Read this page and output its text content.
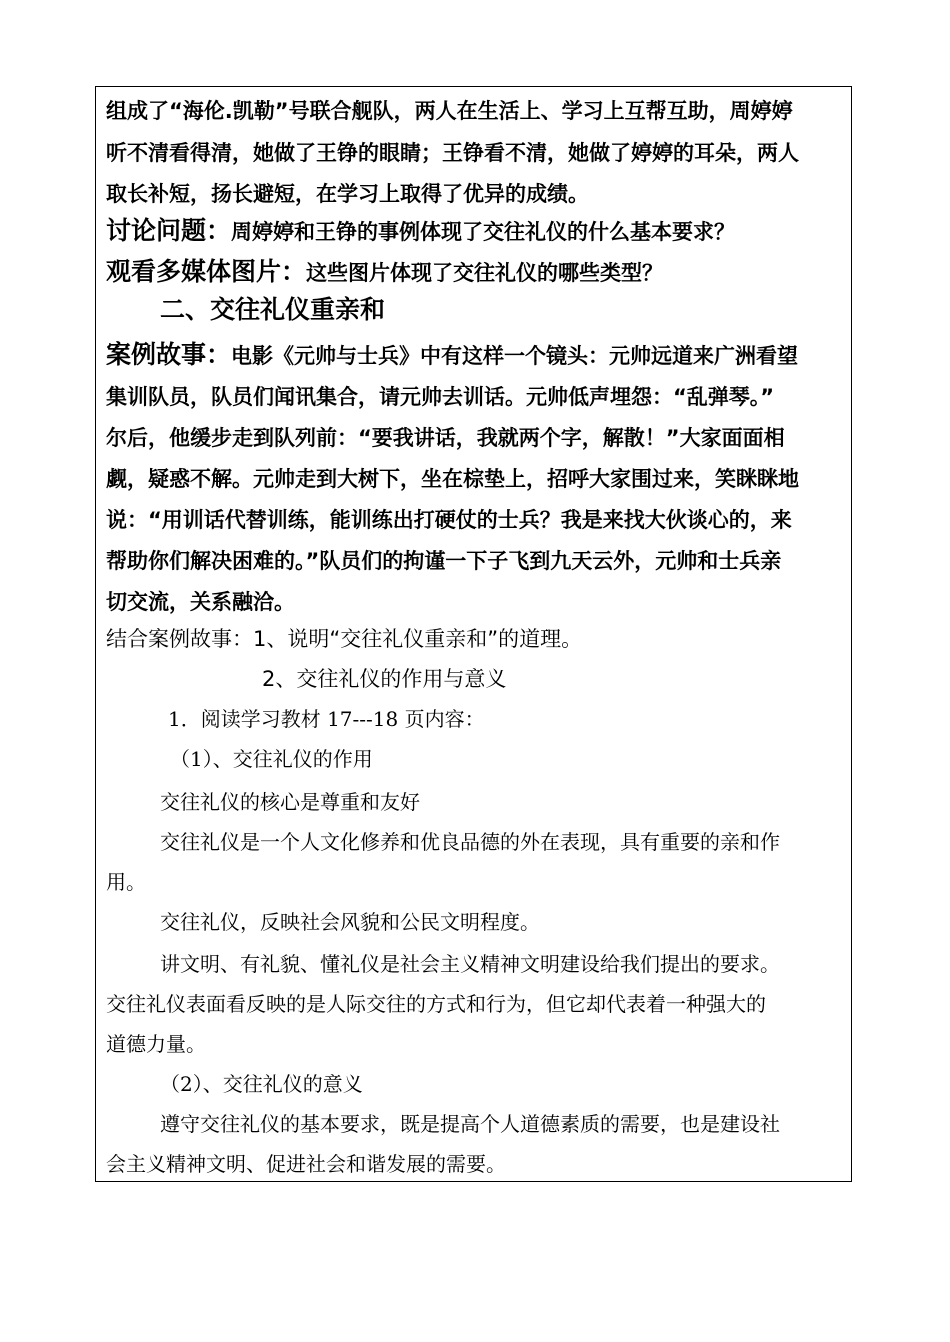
组成了“海伦.凯勒”号联合舰队，两人在生活上、学习上互帮互助，周婷婷
听不清看得清，她做了王铮的眼睛；王铮看不清，她做了婷婷的耳朵，两人
取长补短，扬长避短，在学习上取得了优异的成绩。
讨论问题：周婷婷和王铮的事例体现了交往礼仪的什么基本要求？
观看多媒体图片：这些图片体现了交往礼仪的哪些类型？
二、交往礼仪重亲和
案例故事：电影《元帅与士兵》中有这样一个镜头：元帅远道来广洲看望
集训队员，队员们闻讯集合，请元帅去训话。元帅低声埋怨：“乱弹琴。”
尔后，他缓步走到队列前：“要我讲话，我就两个字，解散！”大家面面相
觑，疑惑不解。元帅走到大树下，坐在棕垫上，招呼大家围过来，笑眯眯地
说：“用训话代替训练，能训练出打硬仗的士兵？我是来找大伙谈心的，来
帮助你们解决困难的。”队员们的拘谨一下子飞到九天云外，元帅和士兵亲
切交流，关系融洽。
结合案例故事：1、说明“交往礼仪重亲和”的道理。
2、交往礼仪的作用与意义
1．阅读学习教材 17---18 页内容：
（1）、交往礼仪的作用
交往礼仪的核心是尊重和友好
交往礼仪是一个人文化修养和优良品德的外在表现，具有重要的亲和作
用。
交往礼仪，反映社会风貌和公民文明程度。
讲文明、有礼貌、懂礼仪是社会主义精神文明建设给我们提出的要求。
交往礼仪表面看反映的是人际交往的方式和行为，但它却代表着一种强大的
道德力量。
（2）、交往礼仪的意义
遵守交往礼仪的基本要求，既是提高个人道德素质的需要，也是建设社
会主义精神文明、促进社会和谐发展的需要。
